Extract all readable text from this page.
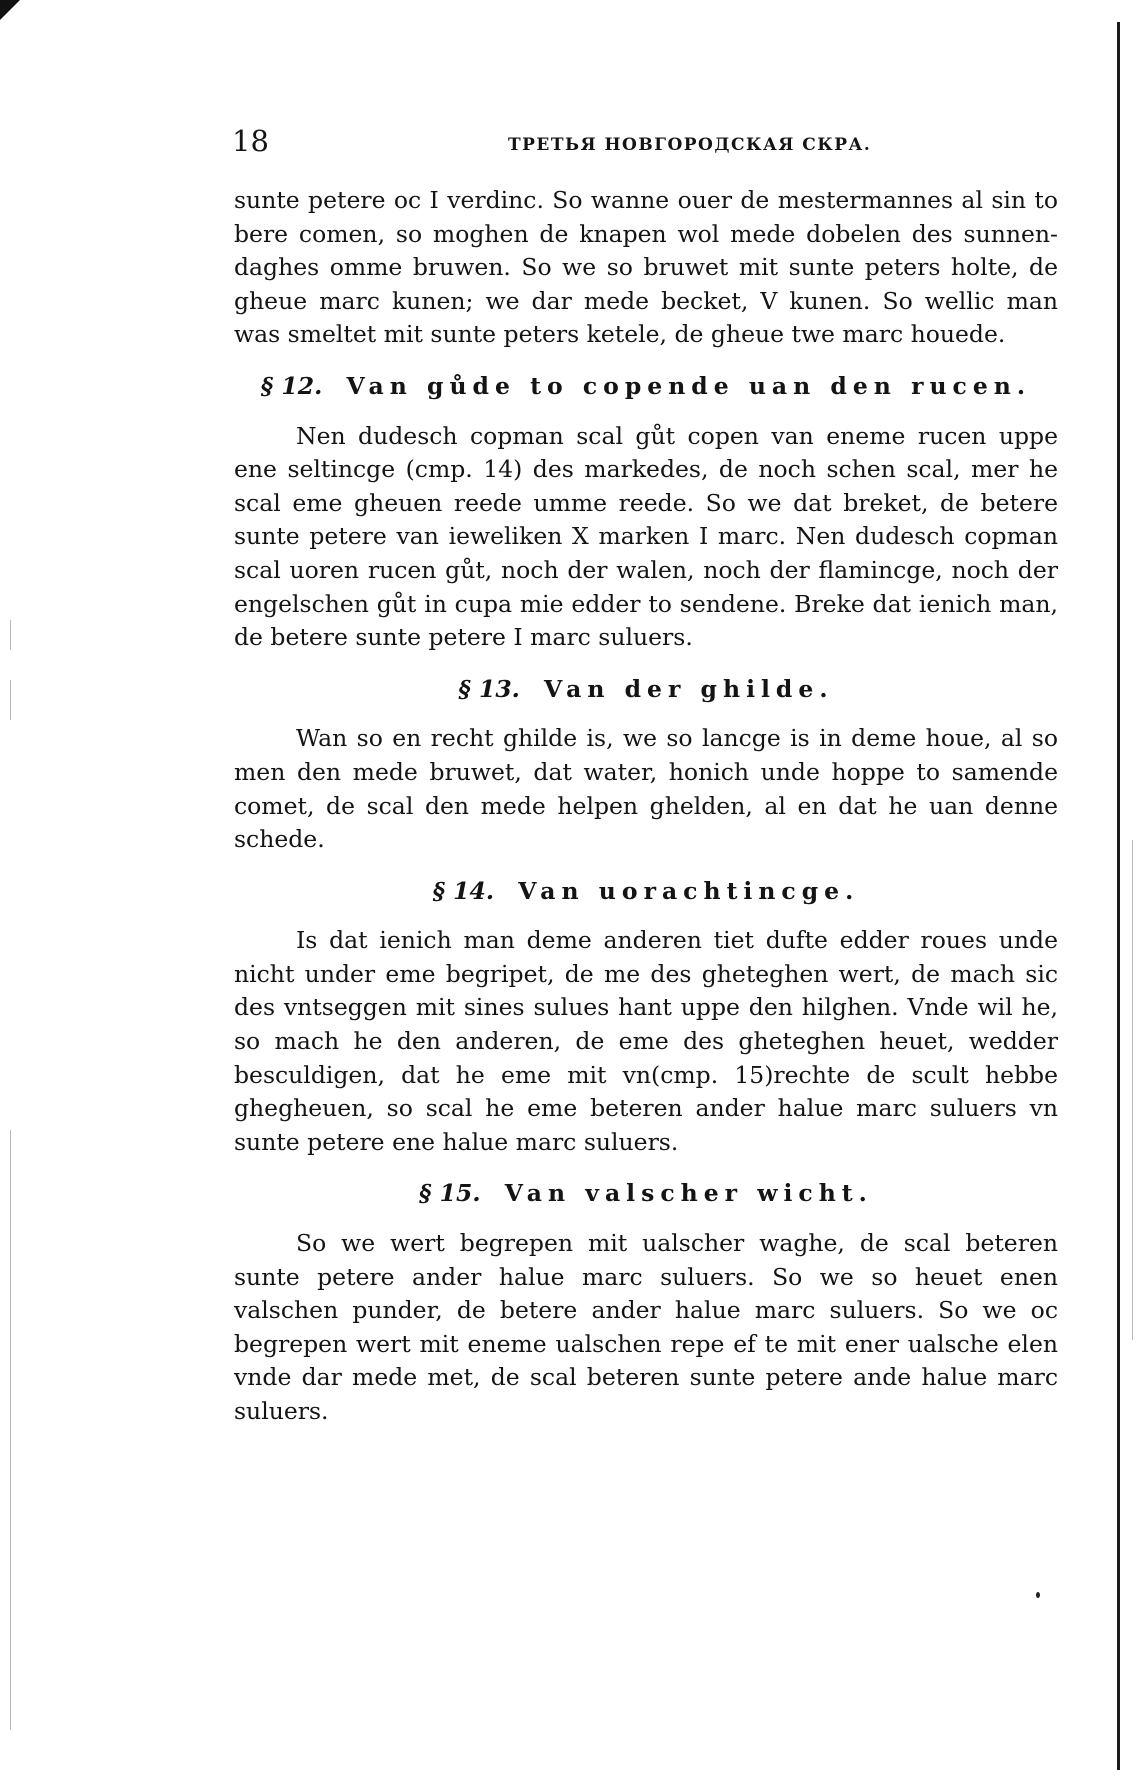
18	ТРЕТЬЯ НОВГОРОДСКАЯ СКРА.

sunte petere oc I verdinc. So wanne ouer de mestermannes al sin to bere comen, so moghen de knapen wol mede dobelen des sunnen-daghes omme bruwen. So we so bruwet mit sunte peters holte, de gheue marc kunen; we dar mede becket, V kunen. So wellic man was smeltet mit sunte peters ketele, de gheue twe marc houede.

§ 12. Van gůde to copende uan den rucen.

Nen dudesch copman scal gůt copen van eneme rucen uppe ene seltincge (cmp. 14) des markedes, de noch schen scal, mer he scal eme gheuen reede umme reede. So we dat breket, de betere sunte petere van ieweliken X marken I marc. Nen dudesch copman scal uoren rucen gůt, noch der walen, noch der flamincge, noch der engelschen gůt in cupa mie edder to sendene. Breke dat ienich man, de betere sunte petere I marc suluers.

§ 13. Van der ghilde.

Wan so en recht ghilde is, we so lancge is in deme houe, al so men den mede bruwet, dat water, honich unde hoppe to samende comet, de scal den mede helpen ghelden, al en dat he uan denne schede.

§ 14. Van uorachtincge.

Is dat ienich man deme anderen tiet dufte edder roues unde nicht under eme begripet, de me des gheteghen wert, de mach sic des vntseggen mit sines sulues hant uppe den hilghen. Vnde wil he, so mach he den anderen, de eme des gheteghen heuet, wedder besculdigen, dat he eme mit vn(cmp. 15)rechte de scult hebbe ghegheuen, so scal he eme beteren ander halue marc suluers vn sunte petere ene halue marc suluers.

§ 15. Van valscher wicht.

So we wert begrepen mit ualscher waghe, de scal beteren sunte petere ander halue marc suluers. So we so heuet enen valschen punder, de betere ander halue marc suluers. So we oc begrepen wert mit eneme ualschen repe ef te mit ener ualsche elen vnde dar mede met, de scal beteren sunte petere ande halue marc suluers.
